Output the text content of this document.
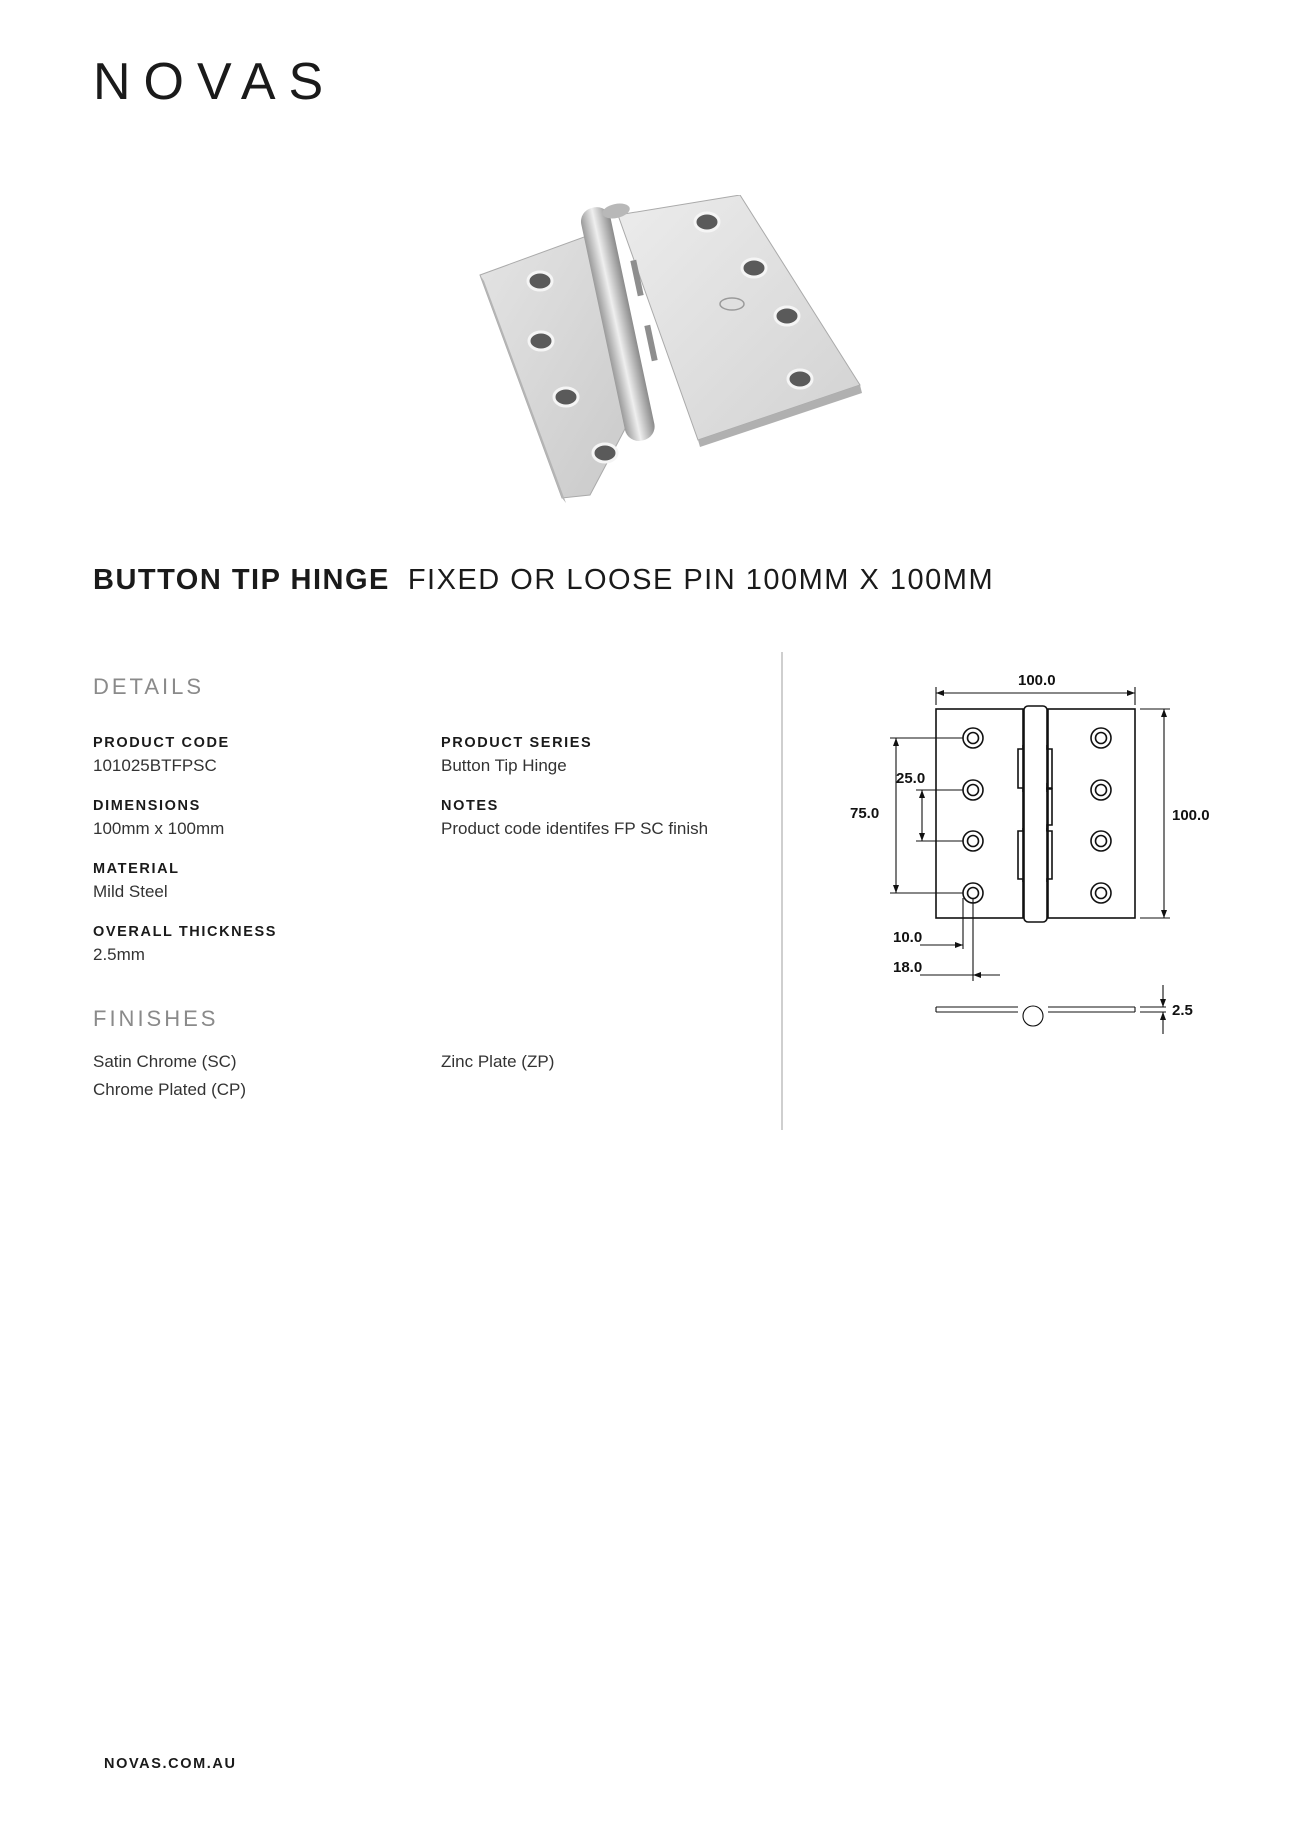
NOVAS
BUTTON TIP HINGE FIXED OR LOOSE PIN 100MM X 100MM
DETAILS
PRODUCT CODE
101025BTFPSC
PRODUCT SERIES
Button Tip Hinge
DIMENSIONS
100mm x 100mm
NOTES
Product code identifes FP SC finish
MATERIAL
Mild Steel
OVERALL THICKNESS
2.5mm
FINISHES
Satin Chrome (SC)
Chrome Plated (CP)
Zinc Plate (ZP)
100.0
100.0
75.0
25.0
10.0
18.0
2.5
NOVAS.COM.AU
